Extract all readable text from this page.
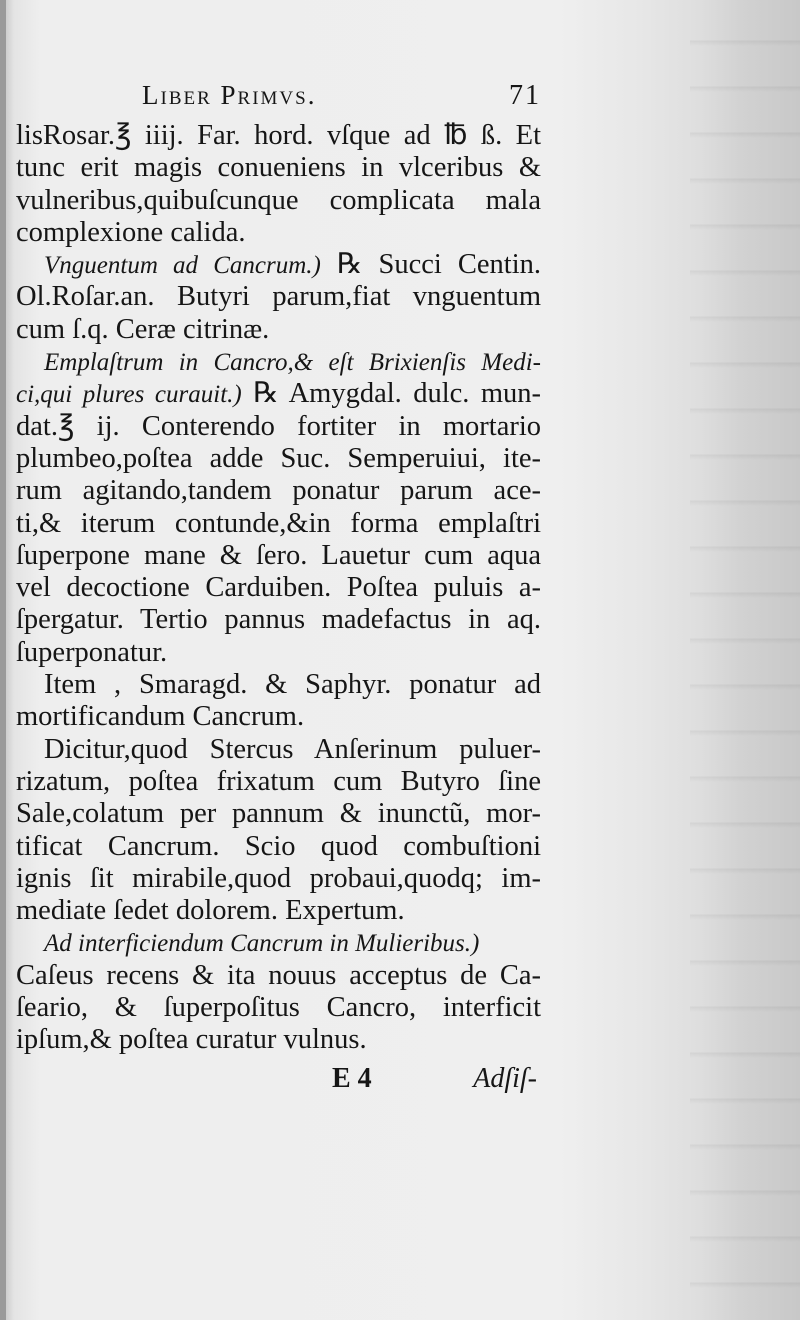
Liber Primvs.	71
lisRosar.℥ iiij. Far. hord. vſque ad ℔ ß. Et
tunc erit magis conueniens in vlceribus &
vulneribus,quibuſcunque complicata mala
complexione calida.
Vnguentum ad Cancrum.) ℞ Succi Centin.
Ol.Roſar.an. Butyri parum,fiat vnguentum
cum ſ.q. Ceræ citrinæ.
Emplaſtrum in Cancro,& eſt Brixienſis Medi-
ci,qui plures curauit.) ℞ Amygdal. dulc. mun-
dat.℥ ij. Conterendo fortiter in mortario
plumbeo,poſtea adde Suc. Semperuiui, ite-
rum agitando,tandem ponatur parum ace-
ti,& iterum contunde,&in forma emplaſtri
ſuperpone mane & ſero. Lauetur cum aqua
vel decoctione Carduiben. Poſtea puluis a-
ſpergatur. Tertio pannus madefactus in aq.
ſuperponatur.
Item , Smaragd. & Saphyr. ponatur ad
mortificandum Cancrum.
Dicitur,quod Stercus Anſerinum puluer-
rizatum, poſtea frixatum cum Butyro ſine
Sale,colatum per pannum & inunctũ, mor-
tificat Cancrum. Scio quod combuſtioni
ignis ſit mirabile,quod probaui,quodq; im-
mediate ſedet dolorem. Expertum.
Ad interficiendum Cancrum in Mulieribus.)
Caſeus recens & ita nouus acceptus de Ca-
ſeario, & ſuperpoſitus Cancro, interficit
ipſum,& poſtea curatur vulnus.
E 4	Adſiſ-
